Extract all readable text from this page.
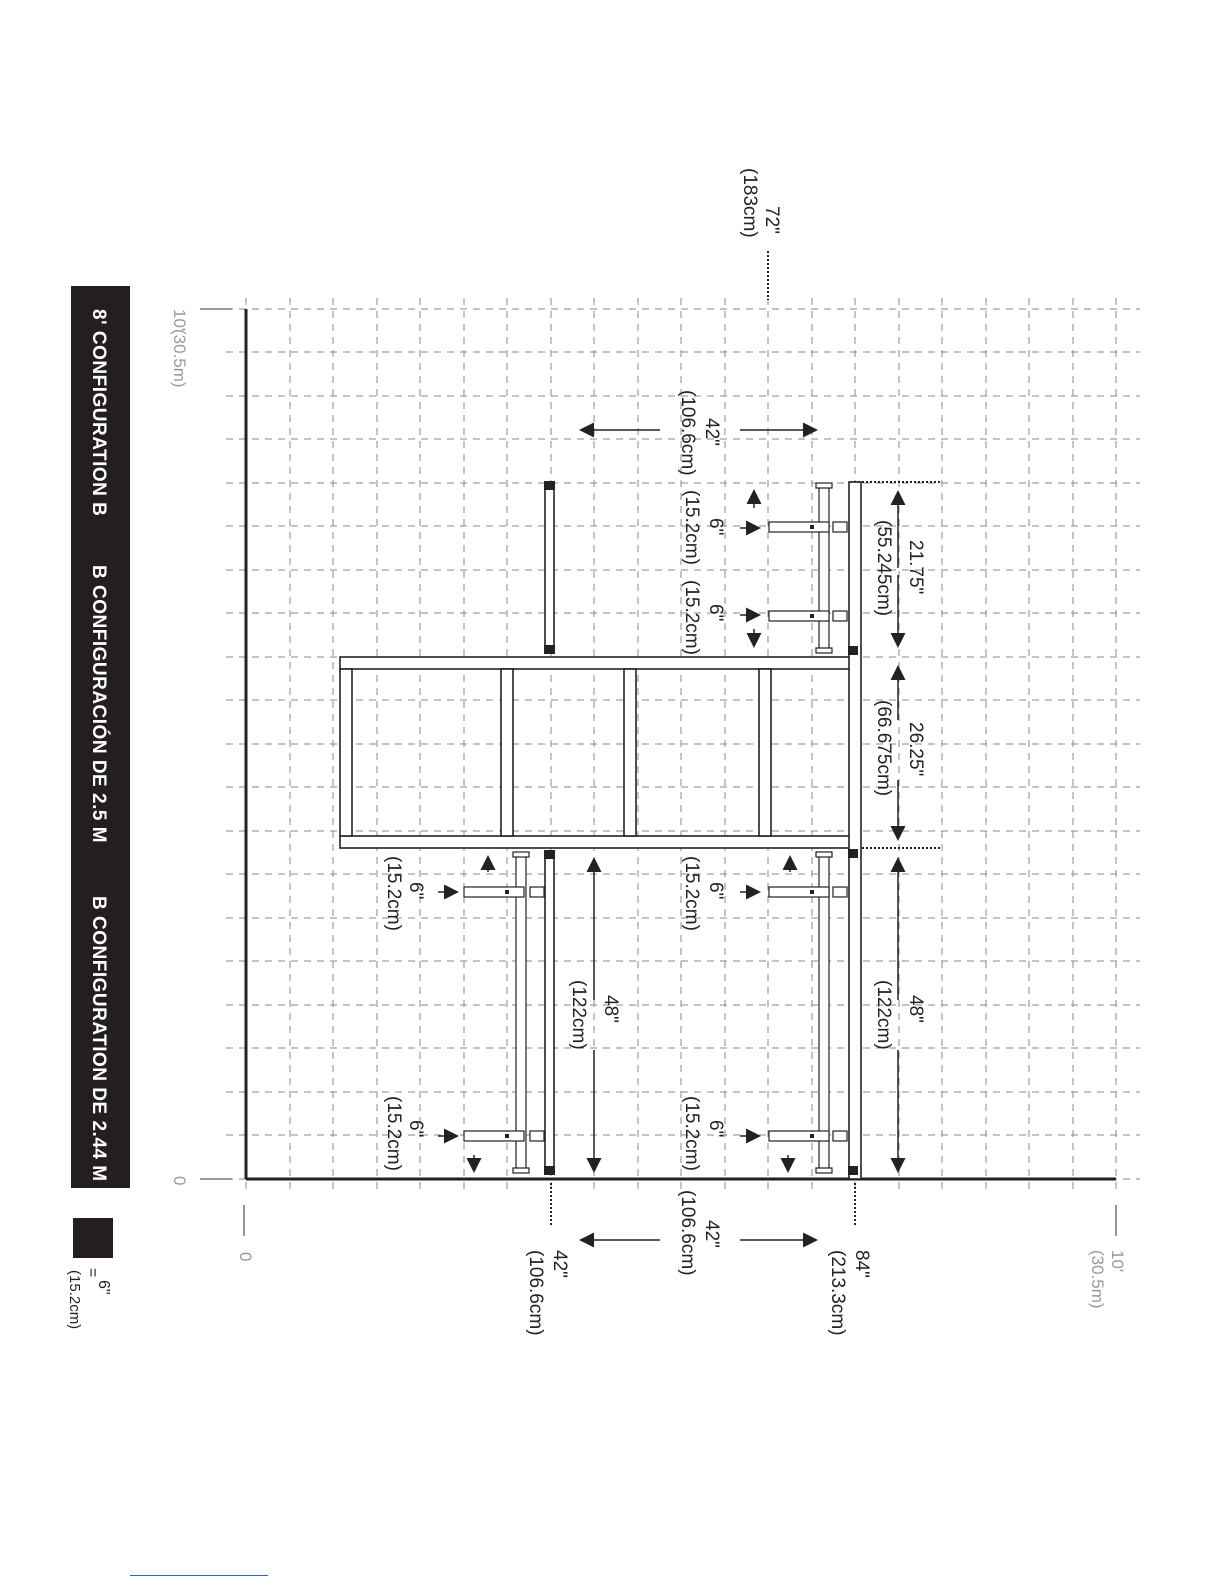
8' CONFIGURATION B
B CONFIGURACIÓN DE 2.5 M
B CONFIGURATION DE 2.44 M
=
6"
(15.2cm)
10'
(30.5m)
0
0	10'
(30.5m)
72"
(183cm)
21.75"
(55.245cm)
26.25"
(66.675cm)
48"
(122cm)
48"
(122cm)
42"
(106.6cm)
42"
(106.6cm)
42"
(106.6cm)	84"
(213.3cm)
6"
(15.2cm)
6"
(15.2cm)
6"
(15.2cm)
6"
(15.2cm)
6"
(15.2cm)
6"
(15.2cm)
